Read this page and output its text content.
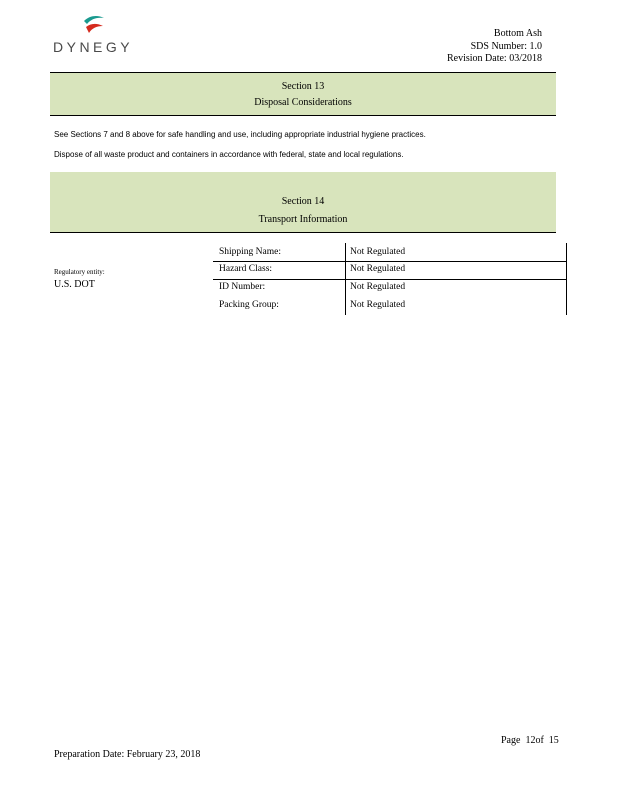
DYNEGY
Bottom Ash
SDS Number: 1.0
Revision Date: 03/2018
Section 13
Disposal Considerations
See Sections 7 and 8 above for safe handling and use, including appropriate industrial hygiene practices.
Dispose of all waste product and containers in accordance with federal, state and local regulations.
Section 14
Transport Information
Regulatory entity:
U.S. DOT
Shipping Name:	Not Regulated
Hazard Class:	Not Regulated
ID Number:	Not Regulated
Packing Group:	Not Regulated
Page  12of  15
Preparation Date: February 23, 2018
